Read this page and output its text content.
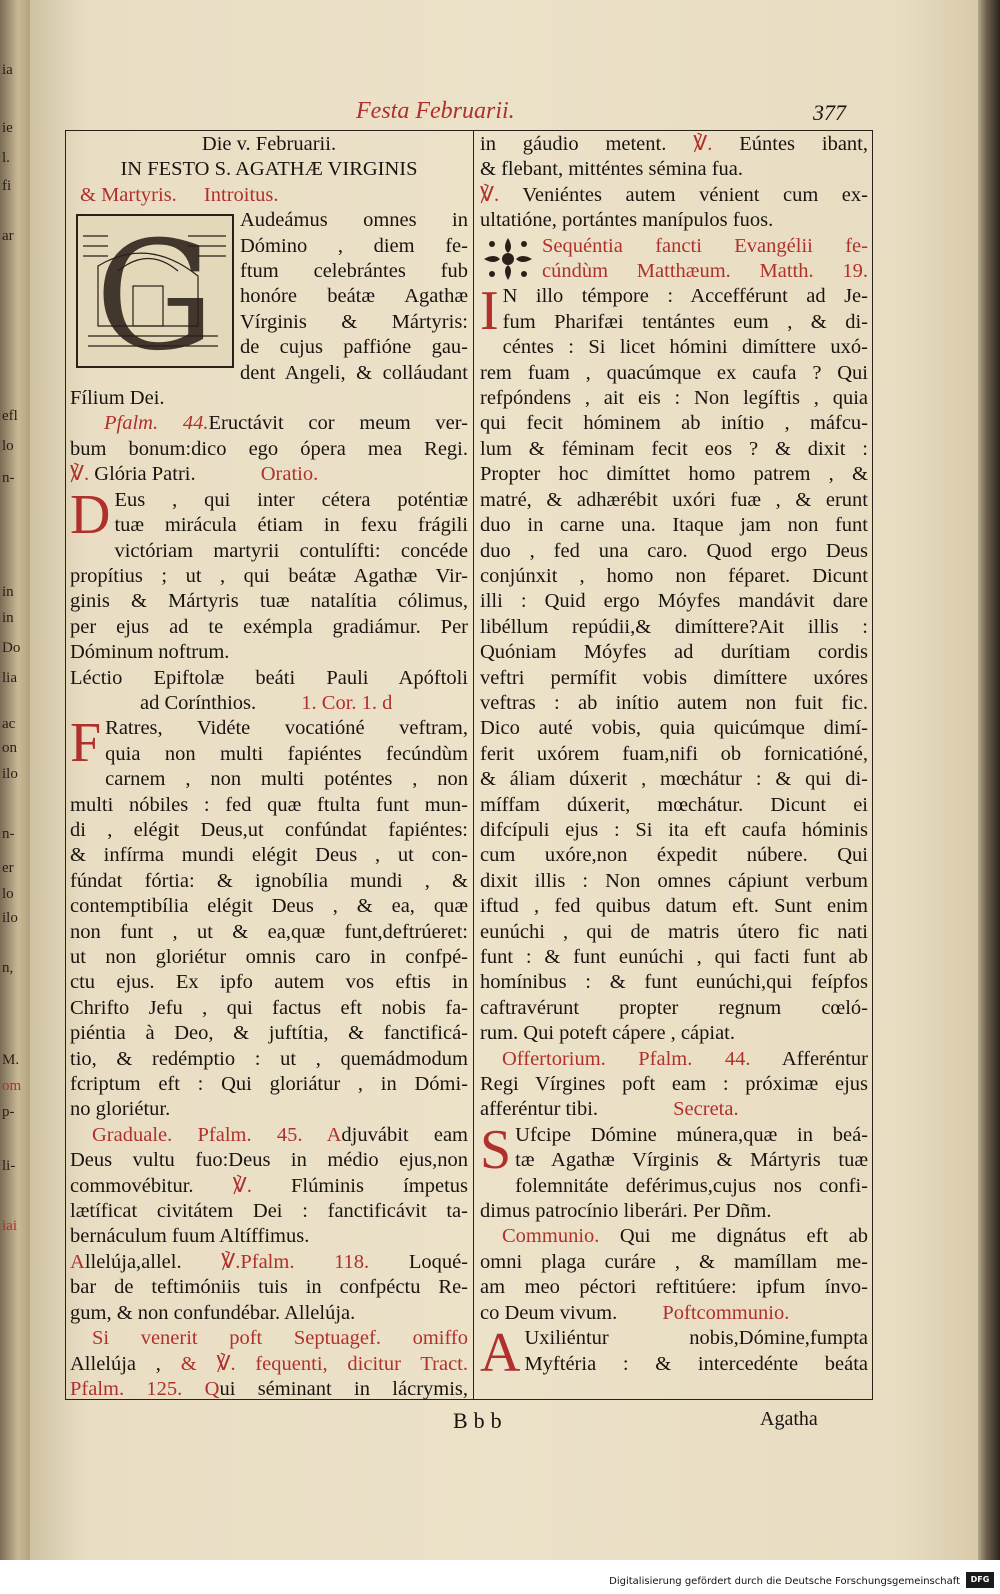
ia
ie
l.
fi
ar
efl
lo
n-
in
in
Do
lia
ac
on
ilo
n-
er
lo
ilo
n,
M.
om
p-
li-
iai
Festa Februarii.	377

Die v. Februarii.

IN FESTO S. AGATHÆ VIRGINIS

& Martyris. Introitus.

G	Audeámus omnes in

Dómino , diem fe-

ftum celebrántes fub

honóre beátæ Agathæ

Vírginis & Mártyris:

de cujus paffióne gau-

dent Angeli, & colláudant Fílium Dei.

Pfalm. 44.Eructávit cor meum ver-

bum bonum:dico ego ópera mea Regi.

℣. Glória Patri.	Oratio.

D Eus , qui inter cétera poténtiæ

tuæ mirácula étiam in fexu frágili

victóriam martyrii contulífti: concéde

propítius ; ut , qui beátæ Agathæ Vir-

ginis & Mártyris tuæ natalítia cólimus,

per ejus ad te exémpla gradiámur. Per

Dóminum noftrum.

Léctio Epiftolæ beáti Pauli Apóftoli

ad Corínthios. 1. Cor. 1. d

F Ratres, Vidéte vocatióné veftram,

quia non multi fapiéntes fecúndùm

carnem , non multi poténtes , non

multi nóbiles : fed quæ ftulta funt mun-

di , elégit Deus,ut confúndat fapiéntes:

& infírma mundi elégit Deus , ut con-

fúndat fórtia: & ignobília mundi , &

contemptibília elégit Deus , & ea, quæ

non funt , ut & ea,quæ funt,deftrúeret:

ut non gloriétur omnis caro in confpé-

ctu ejus. Ex ipfo autem vos eftis in

Chrifto Jefu , qui factus eft nobis fa-

piéntia à Deo, & juftítia, & fanctificá-

tio, & redémptio : ut , quemádmodum

fcriptum eft : Qui gloriátur , in Dómi-

no gloriétur.

Graduale. Pfalm. 45. Adjuvábit eam

Deus vultu fuo:Deus in médio ejus,non

commovébitur. ℣. Flúminis ímpetus

lætíficat civitátem Dei : fanctificávit ta-

bernáculum fuum Altíffimus.

Allelúja,allel. ℣.Pfalm. 118. Loqué-

bar de teftimóniis tuis in confpéctu Re-

gum, & non confundébar. Allelúja.

Si venerit poft Septuagef. omiffo

Allelúja , & ℣. fequenti, dicitur Tract.

Pfalm. 125. Qui séminant in lácrymis,

in gáudio metent. ℣. Eúntes ibant,

& flebant, mitténtes sémina fua.

℣. Veniéntes autem vénient cum ex-

ultatióne, portántes manípulos fuos.

Sequéntia fancti Evangélii fe-

cúndùm Matthæum. Matth. 19.

I N illo témpore : Accefférunt ad Je-

fum Pharifæi tentántes eum , & di-

céntes : Si licet hómini dimíttere uxó-

rem fuam , quacúmque ex caufa ? Qui

refpóndens , ait eis : Non legíftis , quia

qui fecit hóminem ab inítio , máfcu-

lum & féminam fecit eos ? & dixit :

Propter hoc dimíttet homo patrem , &

matré, & adhærébit uxóri fuæ , & erunt

duo in carne una. Itaque jam non funt

duo , fed una caro. Quod ergo Deus

conjúnxit , homo non féparet. Dicunt

illi : Quid ergo Móyfes mandávit dare

libéllum repúdii,& dimíttere?Ait illis :

Quóniam Móyfes ad durítiam cordis

veftri permífit vobis dimíttere uxóres

veftras : ab inítio autem non fuit fic.

Dico auté vobis, quia quicúmque dimí-

ferit uxórem fuam,nifi ob fornicatióné,

& áliam dúxerit , mœchátur : & qui di-

míffam dúxerit, mœchátur. Dicunt ei

difcípuli ejus : Si ita eft caufa hóminis

cum uxóre,non éxpedit núbere. Qui

dixit illis : Non omnes cápiunt verbum

iftud , fed quibus datum eft. Sunt enim

eunúchi , qui de matris útero fic nati

funt : & funt eunúchi , qui facti funt ab

homínibus : & funt eunúchi,qui feípfos

caftravérunt propter regnum cœló-

rum. Qui poteft cápere , cápiat.

Offertorium. Pfalm. 44. Afferéntur

Regi Vírgines poft eam : próximæ ejus

afferéntur tibi.	Secreta.

S Ufcipe Dómine múnera,quæ in beá-

tæ Agathæ Vírginis & Mártyris tuæ

folemnitáte deférimus,cujus nos confi-

dimus patrocínio liberári. Per Dñm.

Communio. Qui me dignátus eft ab

omni plaga curáre , & mamíllam me-

am meo péctori reftitúere: ipfum ínvo-

co Deum vivum. Poftcommunio.

A Uxiliéntur nobis,Dómine,fumpta

Myftéria : & intercedénte beáta

Bbb	Agatha
Digitalisierung gefördert durch die Deutsche Forschungsgemeinschaft	DFG
